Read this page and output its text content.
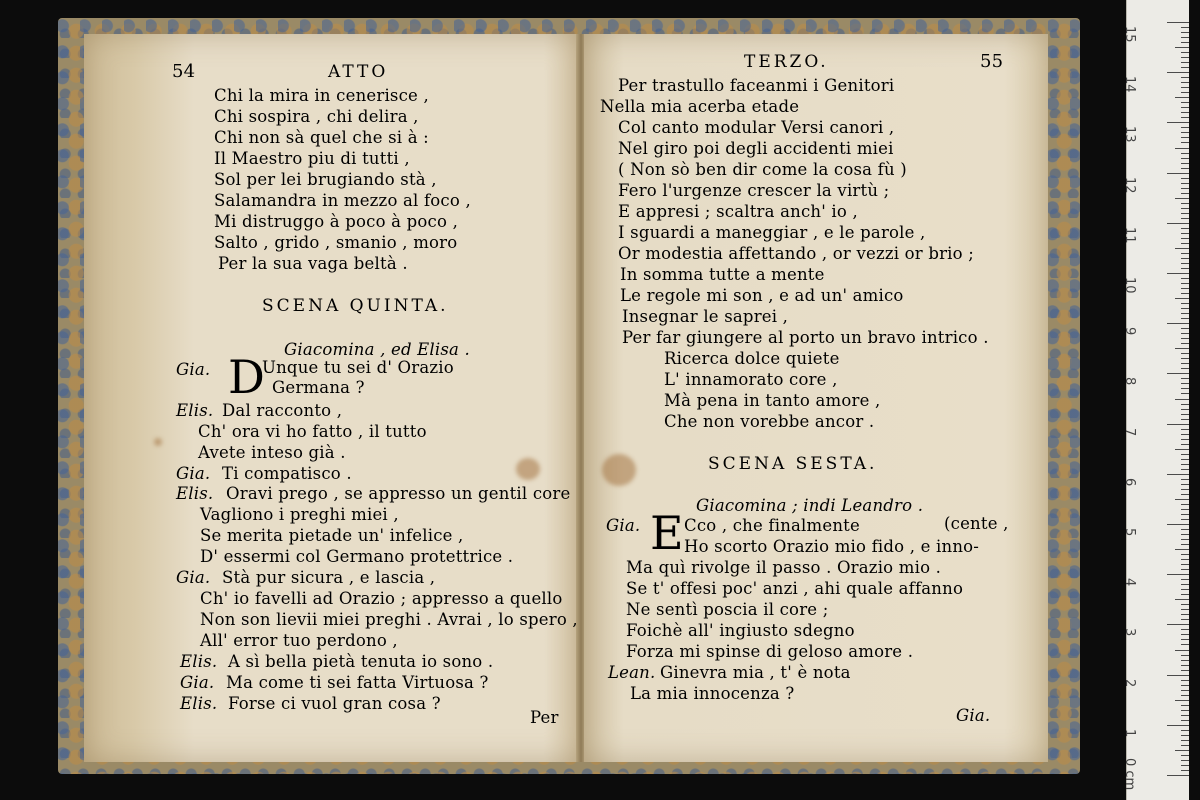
54	ATTO
Chi la mira in cenerisce ,
Chi sospira , chi delira ,
Chi non sà quel che si à :
Il Maestro piu di tutti ,
Sol per lei brugiando stà ,
Salamandra in mezzo al foco ,
Mi distruggo à poco à poco ,
Salto , grido , smanio , moro
Per la sua vaga beltà .
SCENA QUINTA.
Giacomina , ed Elisa .
Gia. D
Unque tu sei d' Orazio
Germana ?
Elis. Dal racconto ,
Ch' ora vi ho fatto , il tutto
Avete inteso già .
Gia. Ti compatisco .
Elis. Oravi prego , se appresso un gentil core
Vagliono i preghi miei ,
Se merita pietade un' infelice ,
D' essermi col Germano protettrice .
Gia. Stà pur sicura , e lascia ,
Ch' io favelli ad Orazio ; appresso a quello
Non son lievii miei preghi . Avrai , lo spero ,
All' error tuo perdono ,
Elis. A sì bella pietà tenuta io sono .
Gia. Ma come ti sei fatta Virtuosa ?
Elis. Forse ci vuol gran cosa ?
Per
TERZO.	55
Per trastullo faceanmi i Genitori
Nella mia acerba etade
Col canto modular Versi canori ,
Nel giro poi degli accidenti miei
( Non sò ben dir come la cosa fù )
Fero l'urgenze crescer la virtù ;
E appresi ; scaltra anch' io ,
I sguardi a maneggiar , e le parole ,
Or modestia affettando , or vezzi or brio ;
In somma tutte a mente
Le regole mi son , e ad un' amico
Insegnar le saprei ,
Per far giungere al porto un bravo intrico .
Ricerca dolce quiete
L' innamorato core ,
Mà pena in tanto amore ,
Che non vorebbe ancor .
SCENA SESTA.
Giacomina ; indi Leandro .
Gia. E Cco , che finalmente	(cente ,
Ho scorto Orazio mio fido , e inno-
Ma quì rivolge il passo . Orazio mio .
Se t' offesi poc' anzi , ahi quale affanno
Ne sentì poscia il core ;
Foichè all' ingiusto sdegno
Forza mi spinse di geloso amore .
Lean. Ginevra mia , t' è nota
La mia innocenza ?
Gia.
0 cm
15
14
13
12
11
10
9
8
7
6
5
4
3
2
1
